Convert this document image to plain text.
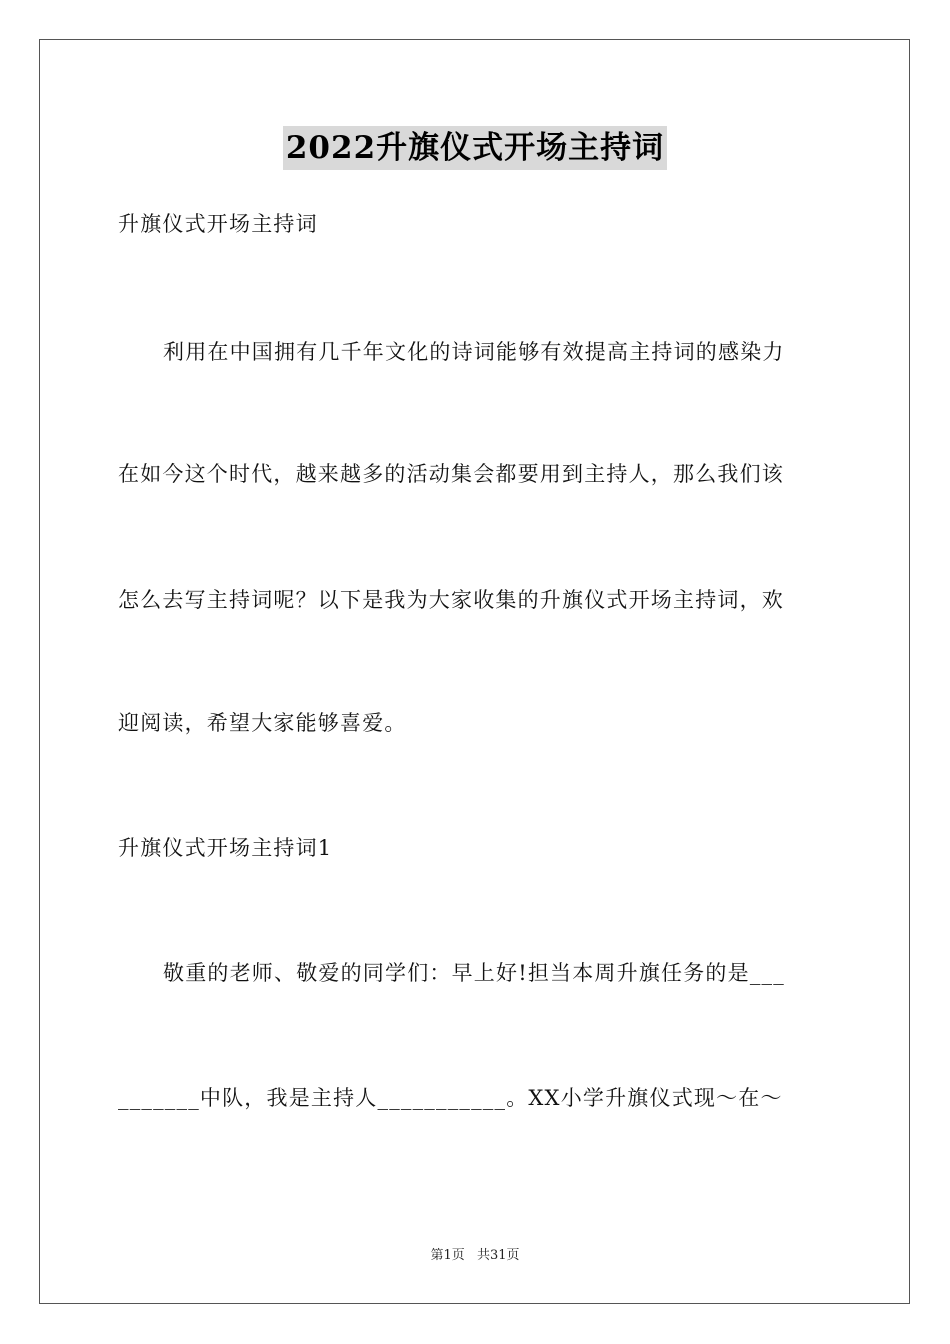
2022升旗仪式开场主持词
升旗仪式开场主持词
利用在中国拥有几千年文化的诗词能够有效提高主持词的感染力
在如今这个时代，越来越多的活动集会都要用到主持人，那么我们该
怎么去写主持词呢？以下是我为大家收集的升旗仪式开场主持词，欢
迎阅读，希望大家能够喜爱。
升旗仪式开场主持词1
敬重的老师、敬爱的同学们：早上好!担当本周升旗任务的是___
_______中队，我是主持人___________。XX小学升旗仪式现～在～
第1页 共31页
